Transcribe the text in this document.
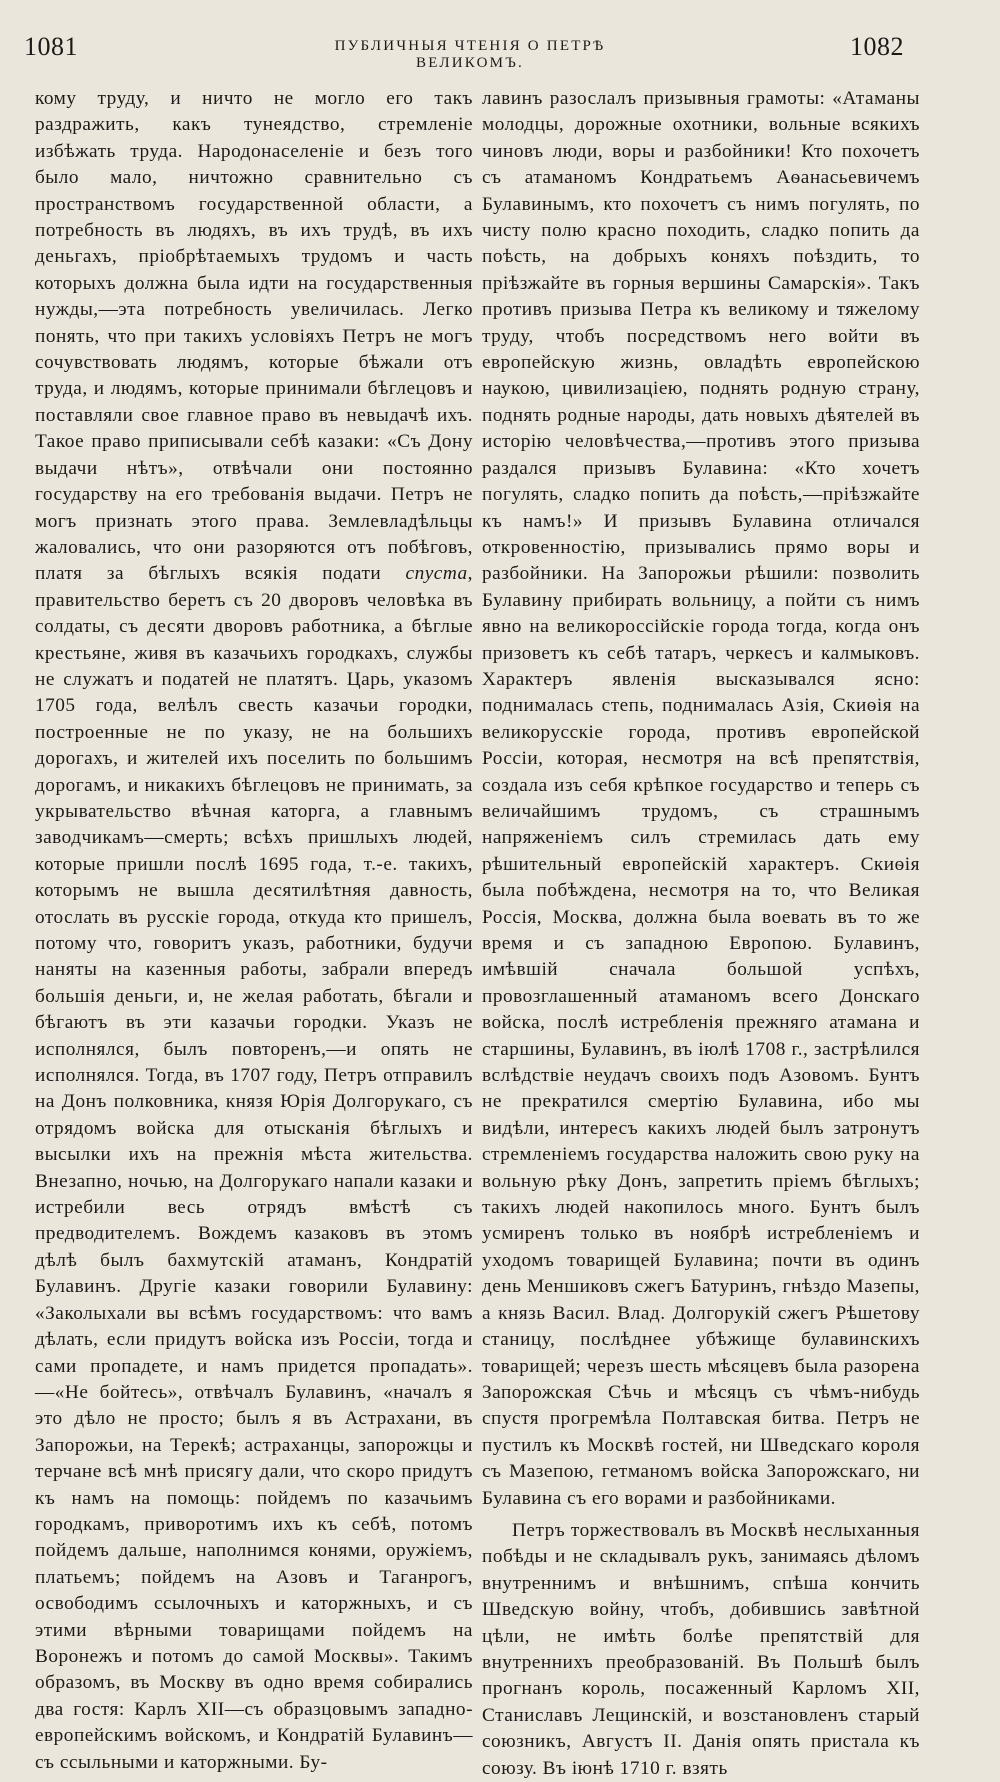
1081	ПУБЛИЧНЫЯ ЧТЕНІЯ О ПЕТРѢ ВЕЛИКОМЪ.
1082

кому труду, и ничто не могло его такъ раздражить, какъ тунеядство, стремленіе избѣжать труда. Народонаселеніе и безъ того было мало, ничтожно сравнительно съ пространствомъ государственной области, а потребность въ людяхъ, въ ихъ трудѣ, въ ихъ деньгахъ, пріобрѣтаемыхъ трудомъ и часть которыхъ должна была идти на государственныя нужды,—эта потребность увеличилась. Легко понять, что при такихъ условіяхъ Петръ не могъ сочувствовать людямъ, которые бѣжали отъ труда, и людямъ, которые принимали бѣглецовъ и поставляли свое главное право въ невыдачѣ ихъ. Такое право приписывали себѣ казаки: «Съ Дону выдачи нѣтъ», отвѣчали они постоянно государству на его требованія выдачи. Петръ не могъ признать этого права. Землевладѣльцы жаловались, что они разоряются отъ побѣговъ, платя за бѣглыхъ всякія подати спуста, правительство беретъ съ 20 дворовъ человѣка въ солдаты, съ десяти дворовъ работника, а бѣглые крестьяне, живя въ казачьихъ городкахъ, службы не служатъ и податей не платятъ. Царь, указомъ 1705 года, велѣлъ свесть казачьи городки, построенные не по указу, не на большихъ дорогахъ, и жителей ихъ поселить по большимъ дорогамъ, и никакихъ бѣглецовъ не принимать, за укрывательство вѣчная каторга, а главнымъ заводчикамъ—смерть; всѣхъ пришлыхъ людей, которые пришли послѣ 1695 года, т.-е. такихъ, которымъ не вышла десятилѣтняя давность, отослать въ русскіе города, откуда кто пришелъ, потому что, говоритъ указъ, работники, будучи наняты на казенныя работы, забрали впередъ большія деньги, и, не желая работать, бѣгали и бѣгаютъ въ эти казачьи городки. Указъ не исполнялся, былъ повторенъ,—и опять не исполнялся. Тогда, въ 1707 году, Петръ отправилъ на Донъ полковника, князя Юрія Долгорукаго, съ отрядомъ войска для отысканія бѣглыхъ и высылки ихъ на прежнія мѣста жительства. Внезапно, ночью, на Долгорукаго напали казаки и истребили весь отрядъ вмѣстѣ съ предводителемъ. Вождемъ казаковъ въ этомъ дѣлѣ былъ бахмутскій атаманъ, Кондратій Булавинъ. Другіе казаки говорили Булавину: «Заколыхали вы всѣмъ государствомъ: что вамъ дѣлать, если придутъ войска изъ Россіи, тогда и сами пропадете, и намъ придется пропадать».—«Не бойтесь», отвѣчалъ Булавинъ, «началъ я это дѣло не просто; былъ я въ Астрахани, въ Запорожьи, на Терекѣ; астраханцы, запорожцы и терчане всѣ мнѣ присягу дали, что скоро придутъ къ намъ на помощь: пойдемъ по казачьимъ городкамъ, приворотимъ ихъ къ себѣ, потомъ пойдемъ дальше, наполнимся конями, оружіемъ, платьемъ; пойдемъ на Азовъ и Таганрогъ, освободимъ ссылочныхъ и каторжныхъ, и съ этими вѣрными товарищами пойдемъ на Воронежъ и потомъ до самой Москвы». Такимъ образомъ, въ Москву въ одно время собирались два гостя: Карлъ XII—съ образцовымъ западно-европейскимъ войскомъ, и Кондратій Булавинъ—съ ссыльными и каторжными. Бу-

лавинъ разослалъ призывныя грамоты: «Атаманы молодцы, дорожные охотники, вольные всякихъ чиновъ люди, воры и разбойники! Кто похочетъ съ атаманомъ Кондратьемъ Аѳанасьевичемъ Булавинымъ, кто похочетъ съ нимъ погулять, по чисту полю красно походить, сладко попить да поѣсть, на добрыхъ коняхъ поѣздить, то пріѣзжайте въ горныя вершины Самарскія». Такъ противъ призыва Петра къ великому и тяжелому труду, чтобъ посредствомъ него войти въ европейскую жизнь, овладѣть европейскою наукою, цивилизаціею, поднять родную страну, поднять родные народы, дать новыхъ дѣятелей въ исторію человѣчества,—противъ этого призыва раздался призывъ Булавина: «Кто хочетъ погулять, сладко попить да поѣсть,—пріѣзжайте къ намъ!» И призывъ Булавина отличался откровенностію, призывались прямо воры и разбойники. На Запорожьи рѣшили: позволить Булавину прибирать вольницу, а пойти съ нимъ явно на великороссійскіе города тогда, когда онъ призоветъ къ себѣ татаръ, черкесъ и калмыковъ. Характеръ явленія высказывался ясно: поднималась степь, поднималась Азія, Скиѳія на великорусскіе города, противъ европейской Россіи, которая, несмотря на всѣ препятствія, создала изъ себя крѣпкое государство и теперь съ величайшимъ трудомъ, съ страшнымъ напряженіемъ силъ стремилась дать ему рѣшительный европейскій характеръ. Скиѳія была побѣждена, несмотря на то, что Великая Россія, Москва, должна была воевать въ то же время и съ западною Европою. Булавинъ, имѣвшій сначала большой успѣхъ, провозглашенный атаманомъ всего Донскаго войска, послѣ истребленія прежняго атамана и старшины, Булавинъ, въ іюлѣ 1708 г., застрѣлился вслѣдствіе неудачъ своихъ подъ Азовомъ. Бунтъ не прекратился смертію Булавина, ибо мы видѣли, интересъ какихъ людей былъ затронутъ стремленіемъ государства наложить свою руку на вольную рѣку Донъ, запретить пріемъ бѣглыхъ; такихъ людей накопилось много. Бунтъ былъ усмиренъ только въ ноябрѣ истребленіемъ и уходомъ товарищей Булавина; почти въ одинъ день Меншиковъ сжегъ Батуринъ, гнѣздо Мазепы, а князь Васил. Влад. Долгорукій сжегъ Рѣшетову станицу, послѣднее убѣжище булавинскихъ товарищей; черезъ шесть мѣсяцевъ была разорена Запорожская Сѣчь и мѣсяцъ съ чѣмъ-нибудь спустя прогремѣла Полтавская битва. Петръ не пустилъ къ Москвѣ гостей, ни Шведскаго короля съ Мазепою, гетманомъ войска Запорожскаго, ни Булавина съ его ворами и разбойниками.

Петръ торжествовалъ въ Москвѣ неслыханныя побѣды и не складывалъ рукъ, занимаясь дѣломъ внутреннимъ и внѣшнимъ, спѣша кончить Шведскую войну, чтобъ, добившись завѣтной цѣли, не имѣть болѣе препятствій для внутреннихъ преобразованій. Въ Польшѣ былъ прогнанъ король, посаженный Карломъ XII, Станиславъ Лещинскій, и возстановленъ старый союзникъ, Августъ II. Данія опять пристала къ союзу. Въ іюнѣ 1710 г. взять
